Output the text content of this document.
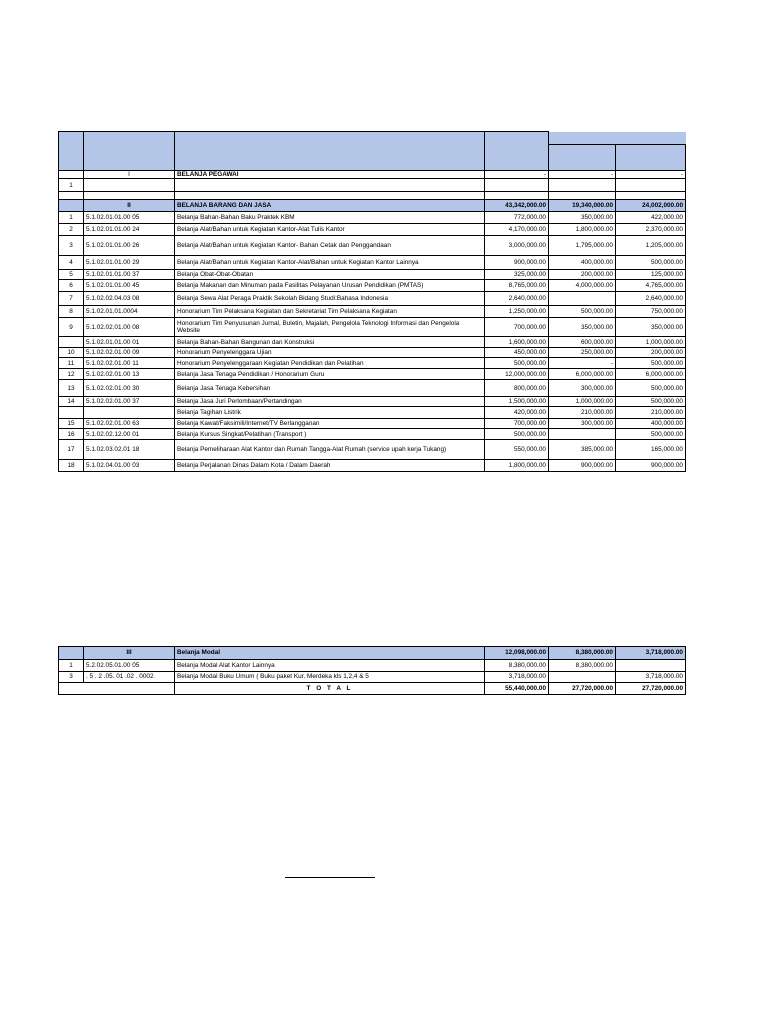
	I	BELANJA PEGAWAI	-	-	-
1					

	II	BELANJA BARANG DAN JASA	43,342,000.00	19,340,000.00	24,002,000.00
1	5.1.02.01.01.00 05	Belanja Bahan-Bahan Baku Praktek KBM	772,000.00	350,000.00	422,000.00
2	5.1.02.01.01.00 24	Belanja Alat/Bahan untuk Kegiatan Kantor-Alat Tulis Kantor	4,170,000.00	1,800,000.00	2,370,000.00
3	5.1.02.01.01.00 26	Belanja Alat/Bahan untuk Kegiatan Kantor- Bahan Cetak dan Penggandaan	3,000,000.00	1,795,000.00	1,205,000.00
4	5.1.02.01.01.00 29	Belanja Alat/Bahan untuk Kegiatan Kantor-Alat/Bahan untuk Kegiatan Kantor Lainnya	900,000.00	400,000.00	500,000.00
5	5.1.02.01.01.00 37	Belanja Obat-Obat-Obatan	325,000.00	200,000.00	125,000.00
6	5.1.02.01.01.00 45	Belanja Makanan dan Minuman pada Fasilitas Pelayanan Urusan Pendidikan (PMTAS)	8,765,000.00	4,000,000.00	4,765,000.00
7	5.1.02.02.04.03 08	Belanja Sewa Alat Peraga Praktik Sekolah Bidang Studi:Bahasa Indonesia	2,640,000.00		2,640,000.00
8	5.1.02.01.01.0004	Honorarium Tim Pelaksana Kegiatan dan Sekretariat Tim Pelaksana Kegiatan	1,250,000.00	500,000.00	750,000.00
9	5.1.02.02.01.00 08	Honorarium Tim Penyusunan Jurnal, Buletin, Majalah, Pengelola Teknologi Informasi dan Pengelola Website	700,000.00	350,000.00	350,000.00
	5.1.02.01.01.00 01	Belanja Bahan-Bahan Bangunan dan Konstruksi	1,600,000.00	600,000.00	1,000,000.00
10	5.1.02.02.01.00 09	Honorarium Penyelenggara Ujian	450,000.00	250,000.00	200,000.00
11	5.1.02.02.01.00 11	Honorarium Penyelenggaraan Kegiatan Pendidikan dan Pelatihan	500,000.00	-	500,000.00
12	5.1.02.02.01.00 13	Belanja Jasa Tenaga Pendidikan / Honorarium Guru	12,000,000.00	6,000,000.00	6,000,000.00
13	5.1.02.02.01.00 30	Belanja Jasa Tenaga Kebersihan	800,000.00	300,000.00	500,000.00
14	5.1.02.02.01.00 37	Belanja Jasa Juri Perlombaan/Pertandingan	1,500,000.00	1,000,000.00	500,000.00
		Belanja Tagihan Listrik	420,000.00	210,000.00	210,000.00
15	5.1.02.02.01.00 63	Belanja Kawat/Faksimili/Internet/TV Berlangganan	700,000.00	300,000.00	400,000.00
16	5.1.02.02.12.00 01	Belanja Kursus Singkat/Pelatihan (Transport )	500,000.00		500,000.00
17	5.1.02.03.02.01 18	Belanja Pemeliharaan Alat Kantor dan Rumah Tangga-Alat Rumah (service upah kerja Tukang)	550,000.00	385,000.00	165,000.00
18	5.1.02.04.01.00 03	Belanja Perjalanan Dinas Dalam Kota / Dalam Daerah	1,800,000.00	900,000.00	900,000.00
	III	Belanja Modal	12,098,000.00	8,380,000.00	3,718,000.00
1	5.2.02.05.01.00 05	Belanja Modal Alat Kantor Lainnya	8,380,000.00	8,380,000.00	
3	. 5 . 2 .05. 01 .02 . 0002	Belanja Modal Buku Umum ( Buku paket Kur. Merdeka kls 1,2,4 & 5	3,718,000.00		3,718,000.00
		T O T A L	55,440,000.00	27,720,000.00	27,720,000.00
